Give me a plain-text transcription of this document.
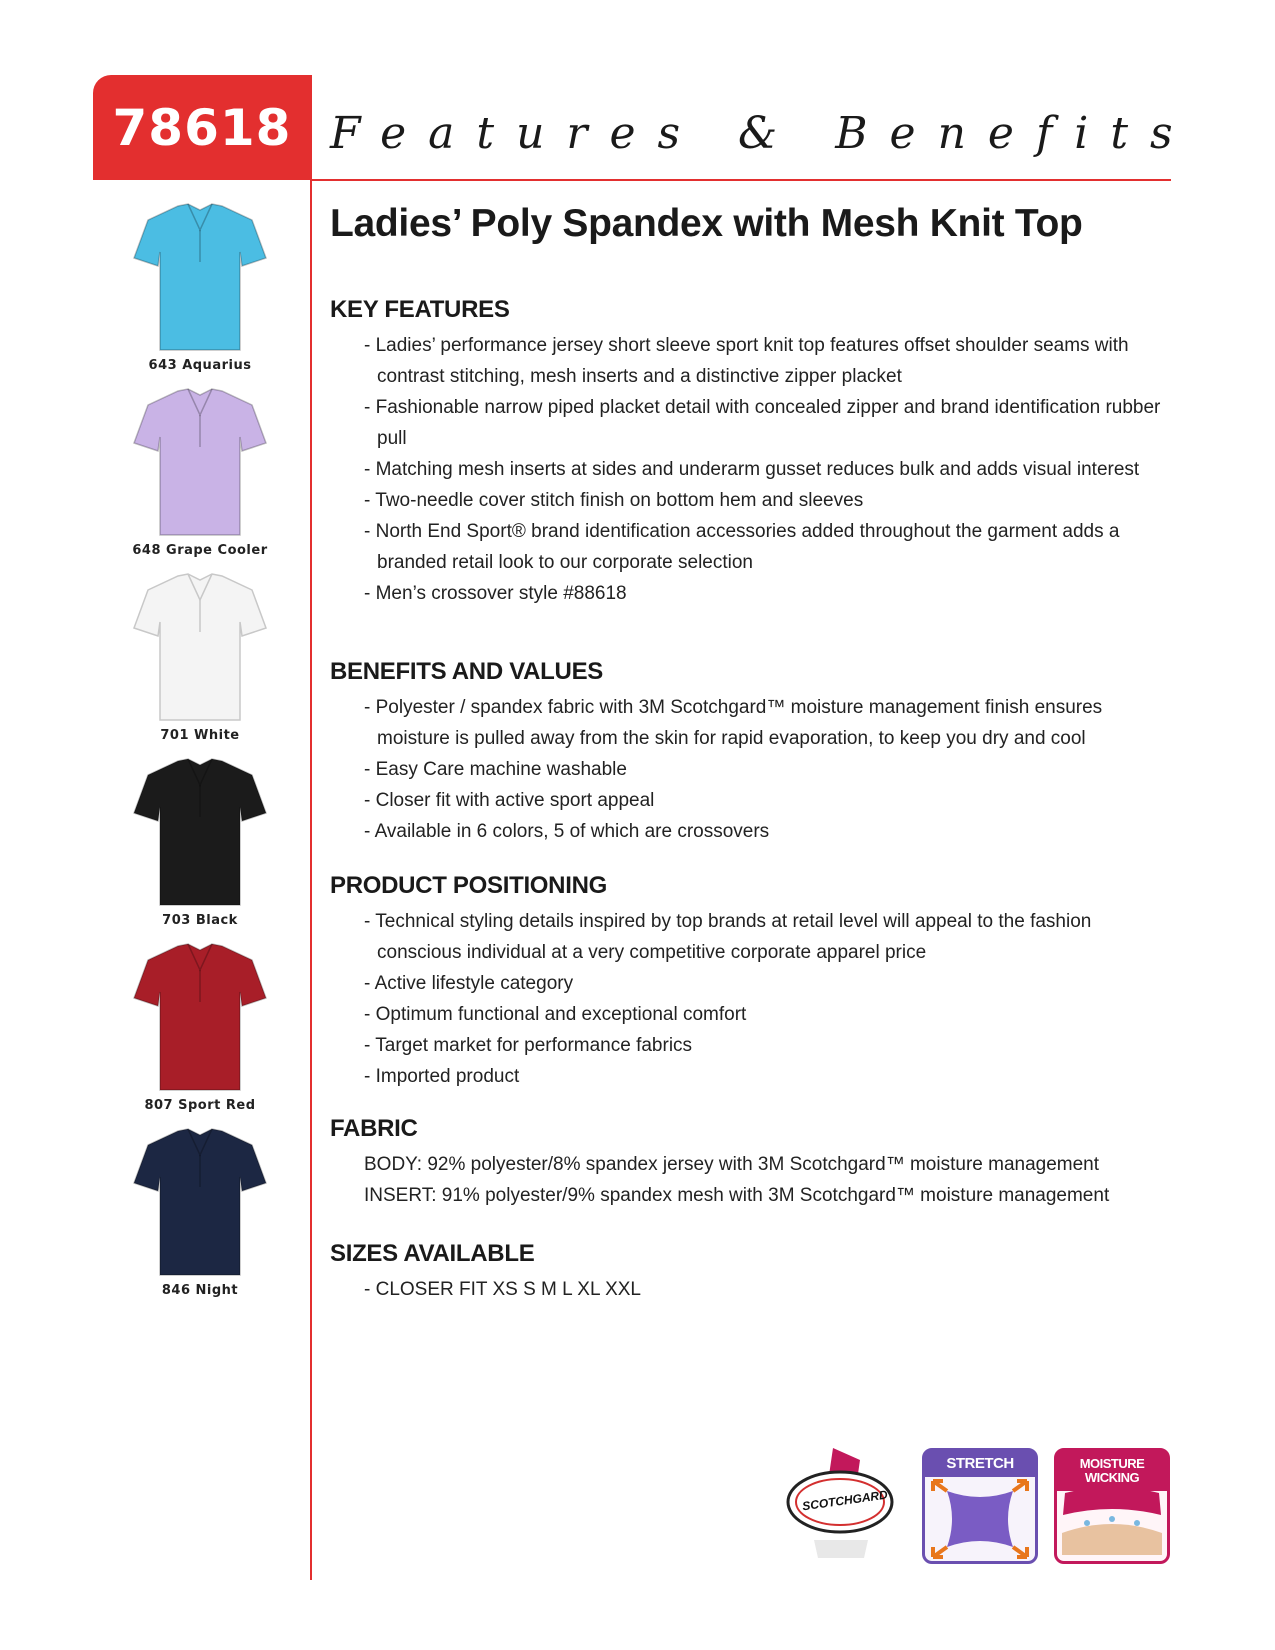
78618 Features & Benefits
643 Aquarius
648 Grape Cooler
701 White
703 Black
807 Sport Red
846 Night
Ladies’ Poly Spandex with Mesh Knit Top
KEY FEATURES
- Ladies’ performance jersey short sleeve sport knit top features offset shoulder seams with contrast stitching, mesh inserts and a distinctive zipper placket
- Fashionable narrow piped placket detail with concealed zipper and brand identification rubber pull
- Matching mesh inserts at sides and underarm gusset reduces bulk and adds visual interest
- Two-needle cover stitch finish on bottom hem and sleeves
- North End Sport® brand identification accessories added throughout the garment adds a branded retail look to our corporate selection
- Men’s crossover style #88618
BENEFITS AND VALUES
- Polyester / spandex fabric with 3M Scotchgard™ moisture management finish ensures moisture is pulled away from the skin for rapid evaporation, to keep you dry and cool
- Easy Care machine washable
- Closer fit with active sport appeal
- Available in 6 colors, 5 of which are crossovers
PRODUCT POSITIONING
- Technical styling details inspired by top brands at retail level will appeal to the fashion conscious individual at a very competitive corporate apparel price
- Active lifestyle category
- Optimum functional and exceptional comfort
- Target market for performance fabrics
- Imported product
FABRIC
BODY: 92% polyester/8% spandex jersey with 3M Scotchgard™ moisture management
INSERT: 91% polyester/9% spandex mesh with 3M Scotchgard™ moisture management
SIZES AVAILABLE
- CLOSER FIT XS S M L XL XXL
SCOTCHGARD
STRETCH	MOISTURE WICKING
